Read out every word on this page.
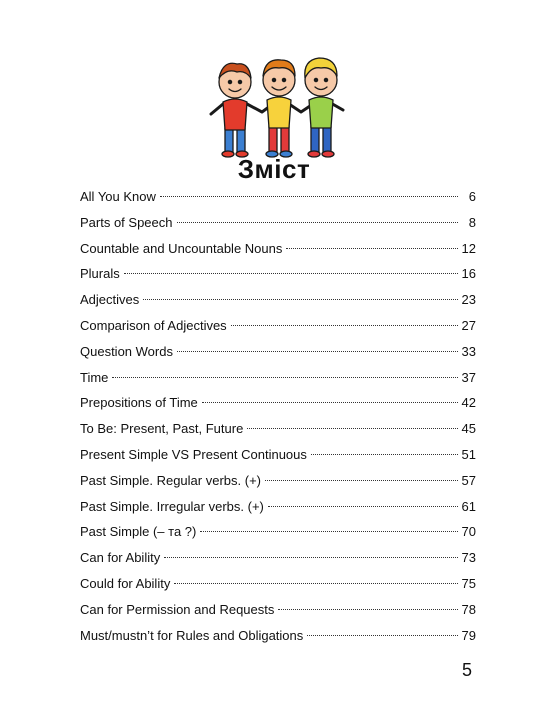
Зміст
All You Know	6
Parts of Speech	8
Countable and Uncountable Nouns	12
Plurals	16
Adjectives	23
Comparison of Adjectives	27
Question Words	33
Time	37
Prepositions of Time	42
To Be: Present, Past, Future	45
Present Simple VS Present Continuous	51
Past Simple. Regular verbs. (+)	57
Past Simple. Irregular verbs. (+)	61
Past Simple (– та ?)	70
Can for Ability	73
Could for Ability	75
Can for Permission and Requests	78
Must/mustn’t for Rules and Obligations	79
5
